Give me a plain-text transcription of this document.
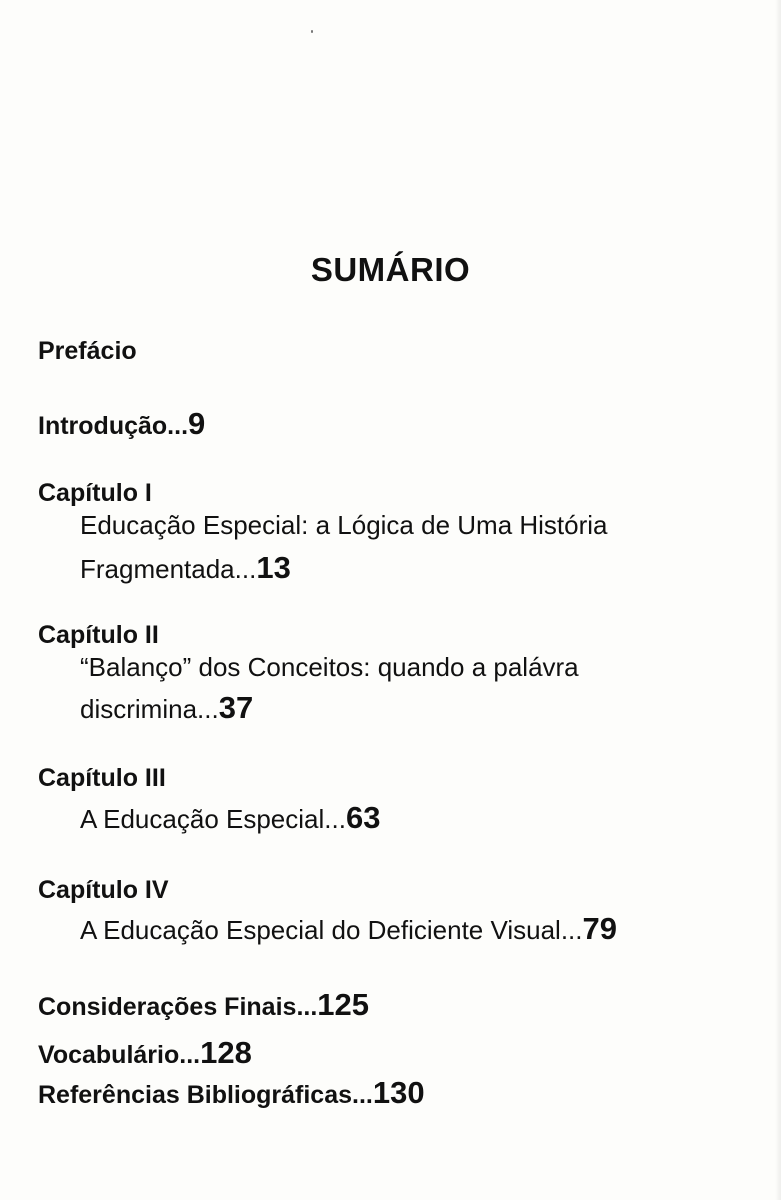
SUMÁRIO

Prefácio

Introdução...9

Capítulo I

Educação Especial: a Lógica de Uma História

Fragmentada...13

Capítulo II

“Balanço” dos Conceitos: quando a palávra

discrimina...37

Capítulo III

A Educação Especial...63

Capítulo IV

A Educação Especial do Deficiente Visual...79

Considerações Finais...125

Vocabulário...128

Referências Bibliográficas...130
